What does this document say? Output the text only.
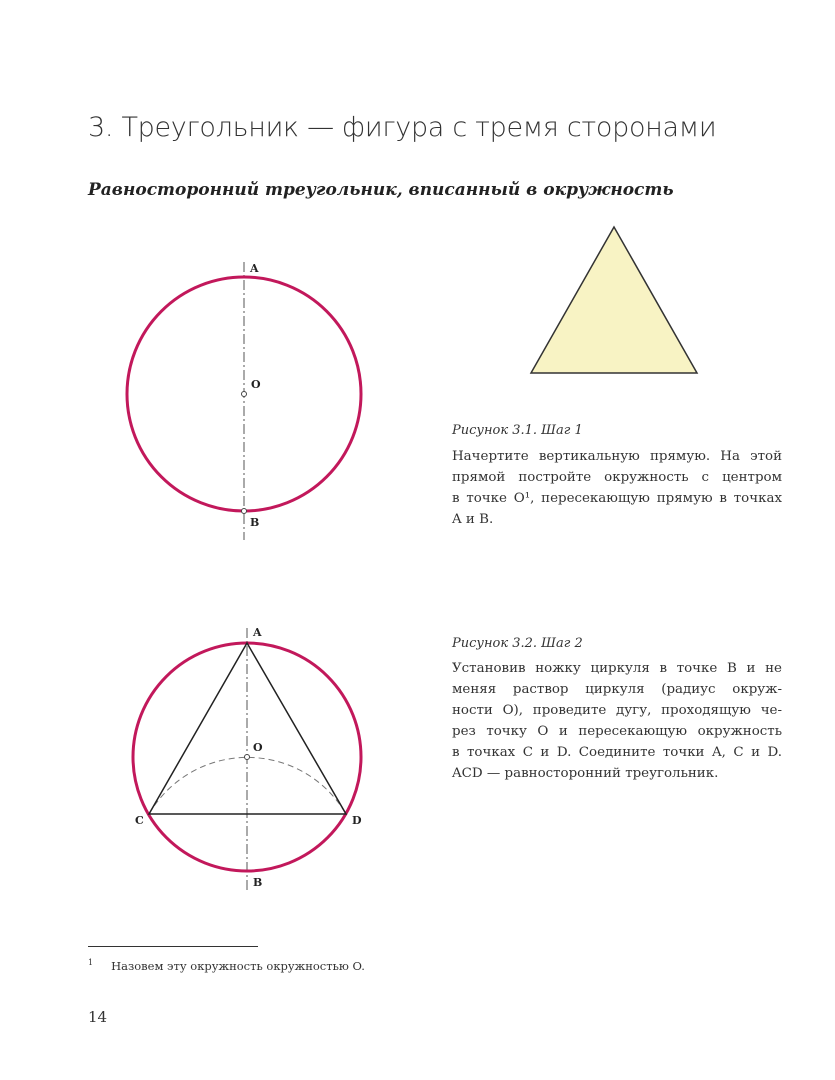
A
O
B
A
O
B
C	D
3. Треугольник — фигура с тремя сторонами
Равносторонний треугольник, вписанный в окружность
Рисунок 3.1. Шаг 1
Начертите вертикальную прямую. На этой
прямой постройте окружность с центром
в точке O¹, пересекающую прямую в точках
A и B.
Рисунок 3.2. Шаг 2
Установив ножку циркуля в точке B и не
меняя раствор циркуля (радиус окруж-
ности O), проведите дугу, проходящую че-
рез точку O и пересекающую окружность
в точках C и D. Соедините точки A, C и D.
ACD — равносторонний треугольник.
$^1$ Назовем эту окружность окружностью O.
14
